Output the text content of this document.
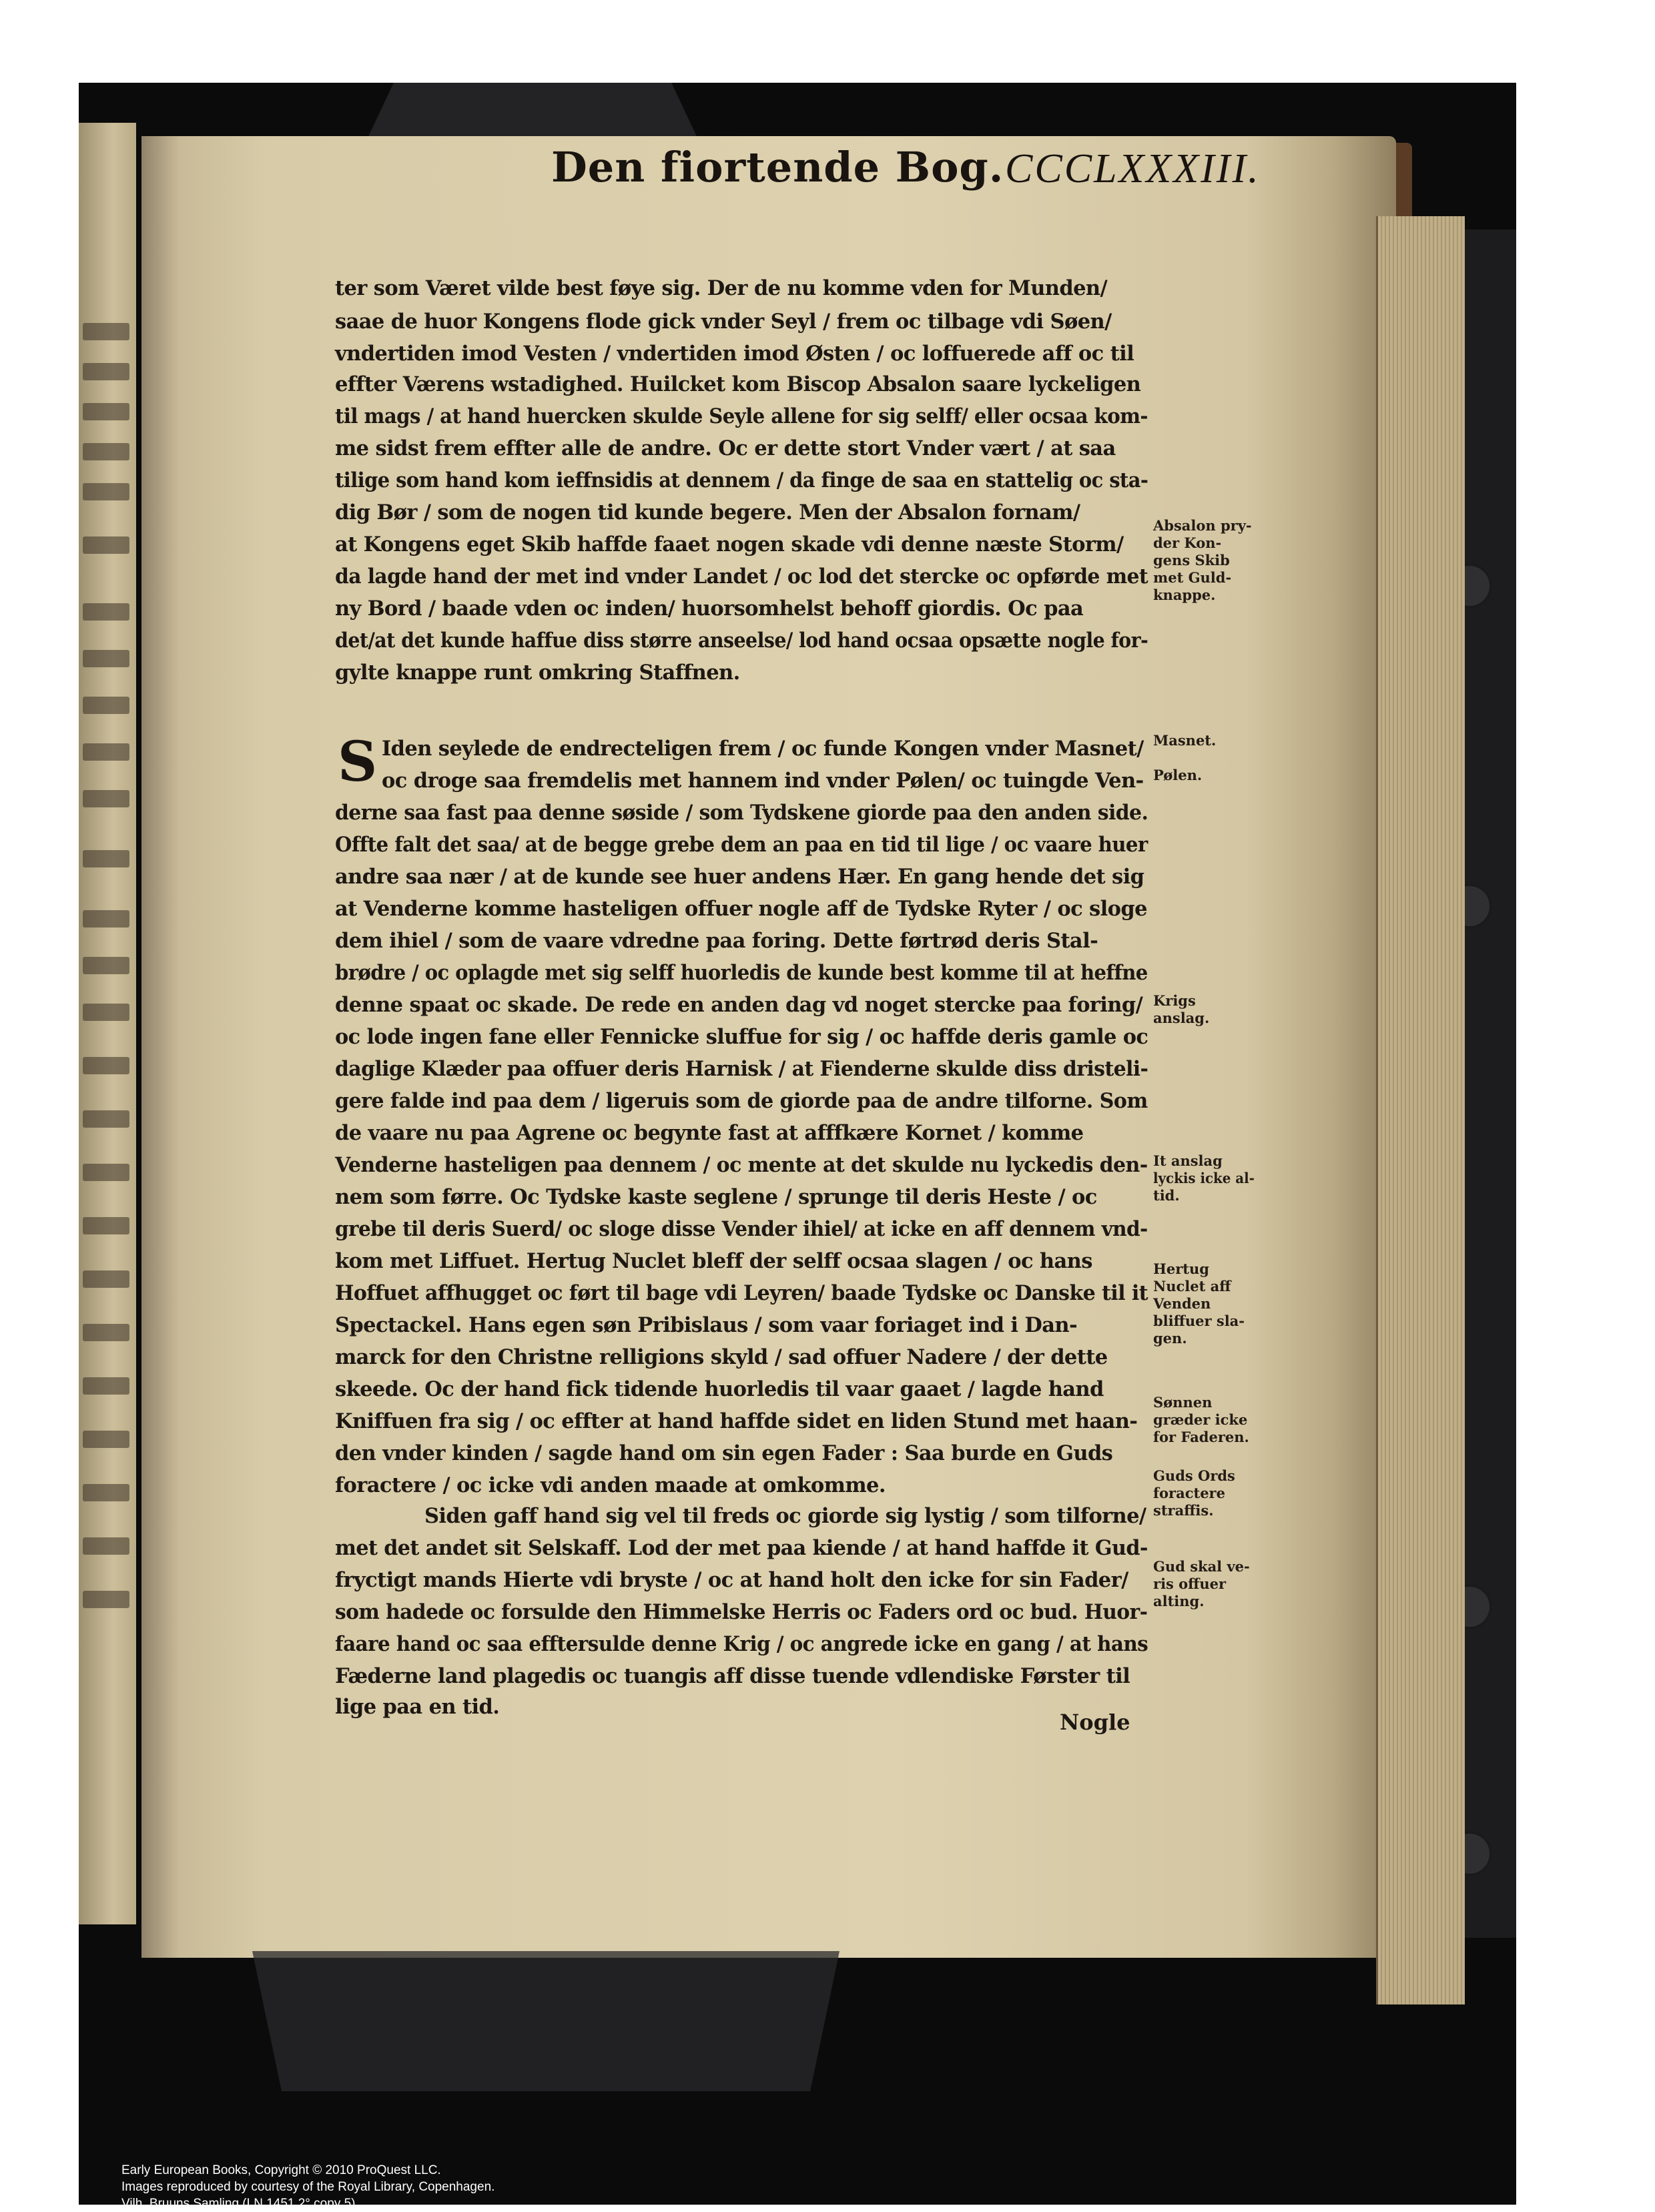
Den fiortende Bog. CCCLXXXIII.
ter som Været vilde best føye sig. Der de nu komme vden for Munden/
saae de huor Kongens flode gick vnder Seyl / frem oc tilbage vdi Søen/
vndertiden imod Vesten / vndertiden imod Østen / oc loffuerede aff oc til
effter Værens wstadighed. Huilcket kom Biscop Absalon saare lyckeligen
til mags / at hand huercken skulde Seyle allene for sig selff/ eller ocsaa kom-
me sidst frem effter alle de andre. Oc er dette stort Vnder vært / at saa
tilige som hand kom ieffnsidis at dennem / da finge de saa en stattelig oc sta-
dig Bør / som de nogen tid kunde begere. Men der Absalon fornam/
at Kongens eget Skib haffde faaet nogen skade vdi denne næste Storm/
da lagde hand der met ind vnder Landet / oc lod det stercke oc opførde met
ny Bord / baade vden oc inden/ huorsomhelst behoff giordis. Oc paa
det/at det kunde haffue diss større anseelse/ lod hand ocsaa opsætte nogle for-
gylte knappe runt omkring Staffnen.
Iden seylede de endrecteligen frem / oc funde Kongen vnder Masnet/
oc droge saa fremdelis met hannem ind vnder Pølen/ oc tuingde Ven-
derne saa fast paa denne søside / som Tydskene giorde paa den anden side.
Offte falt det saa/ at de begge grebe dem an paa en tid til lige / oc vaare huer
andre saa nær / at de kunde see huer andens Hær. En gang hende det sig
at Venderne komme hasteligen offuer nogle aff de Tydske Ryter / oc sloge
dem ihiel / som de vaare vdredne paa foring. Dette førtrød deris Stal-
brødre / oc oplagde met sig selff huorledis de kunde best komme til at heffne
denne spaat oc skade. De rede en anden dag vd noget stercke paa foring/
oc lode ingen fane eller Fennicke sluffue for sig / oc haffde deris gamle oc
daglige Klæder paa offuer deris Harnisk / at Fienderne skulde diss dristeli-
gere falde ind paa dem / ligeruis som de giorde paa de andre tilforne. Som
de vaare nu paa Agrene oc begynte fast at afffkære Kornet / komme
Venderne hasteligen paa dennem / oc mente at det skulde nu lyckedis den-
nem som førre. Oc Tydske kaste seglene / sprunge til deris Heste / oc
grebe til deris Suerd/ oc sloge disse Vender ihiel/ at icke en aff dennem vnd-
kom met Liffuet. Hertug Nuclet bleff der selff ocsaa slagen / oc hans
Hoffuet affhugget oc ført til bage vdi Leyren/ baade Tydske oc Danske til it
Spectackel. Hans egen søn Pribislaus / som vaar foriaget ind i Dan-
marck for den Christne relligions skyld / sad offuer Nadere / der dette
skeede. Oc der hand fick tidende huorledis til vaar gaaet / lagde hand
Kniffuen fra sig / oc effter at hand haffde sidet en liden Stund met haan-
den vnder kinden / sagde hand om sin egen Fader : Saa burde en Guds
foractere / oc icke vdi anden maade at omkomme.
Siden gaff hand sig vel til freds oc giorde sig lystig / som tilforne/
met det andet sit Selskaff. Lod der met paa kiende / at hand haffde it Gud-
fryctigt mands Hierte vdi bryste / oc at hand holt den icke for sin Fader/
som hadede oc forsulde den Himmelske Herris oc Faders ord oc bud. Huor-
faare hand oc saa efftersulde denne Krig / oc angrede icke en gang / at hans
Fæderne land plagedis oc tuangis aff disse tuende vdlendiske Førster til
lige paa en tid.
S
Absalon pry-
der Kon-
gens Skib
met Guld-
knappe.
Masnet.
Pølen.
Krigs
anslag.
It anslag
lyckis icke al-
tid.
Hertug
Nuclet aff
Venden
bliffuer sla-
gen.
Sønnen
græder icke
for Faderen.
Guds Ords
foractere
straffis.
Gud skal ve-
ris offuer
alting.
Nogle
Early European Books, Copyright © 2010 ProQuest LLC.
Images reproduced by courtesy of the Royal Library, Copenhagen.
Vilh. Bruuns Samling (LN 1451 2° copy 5)
